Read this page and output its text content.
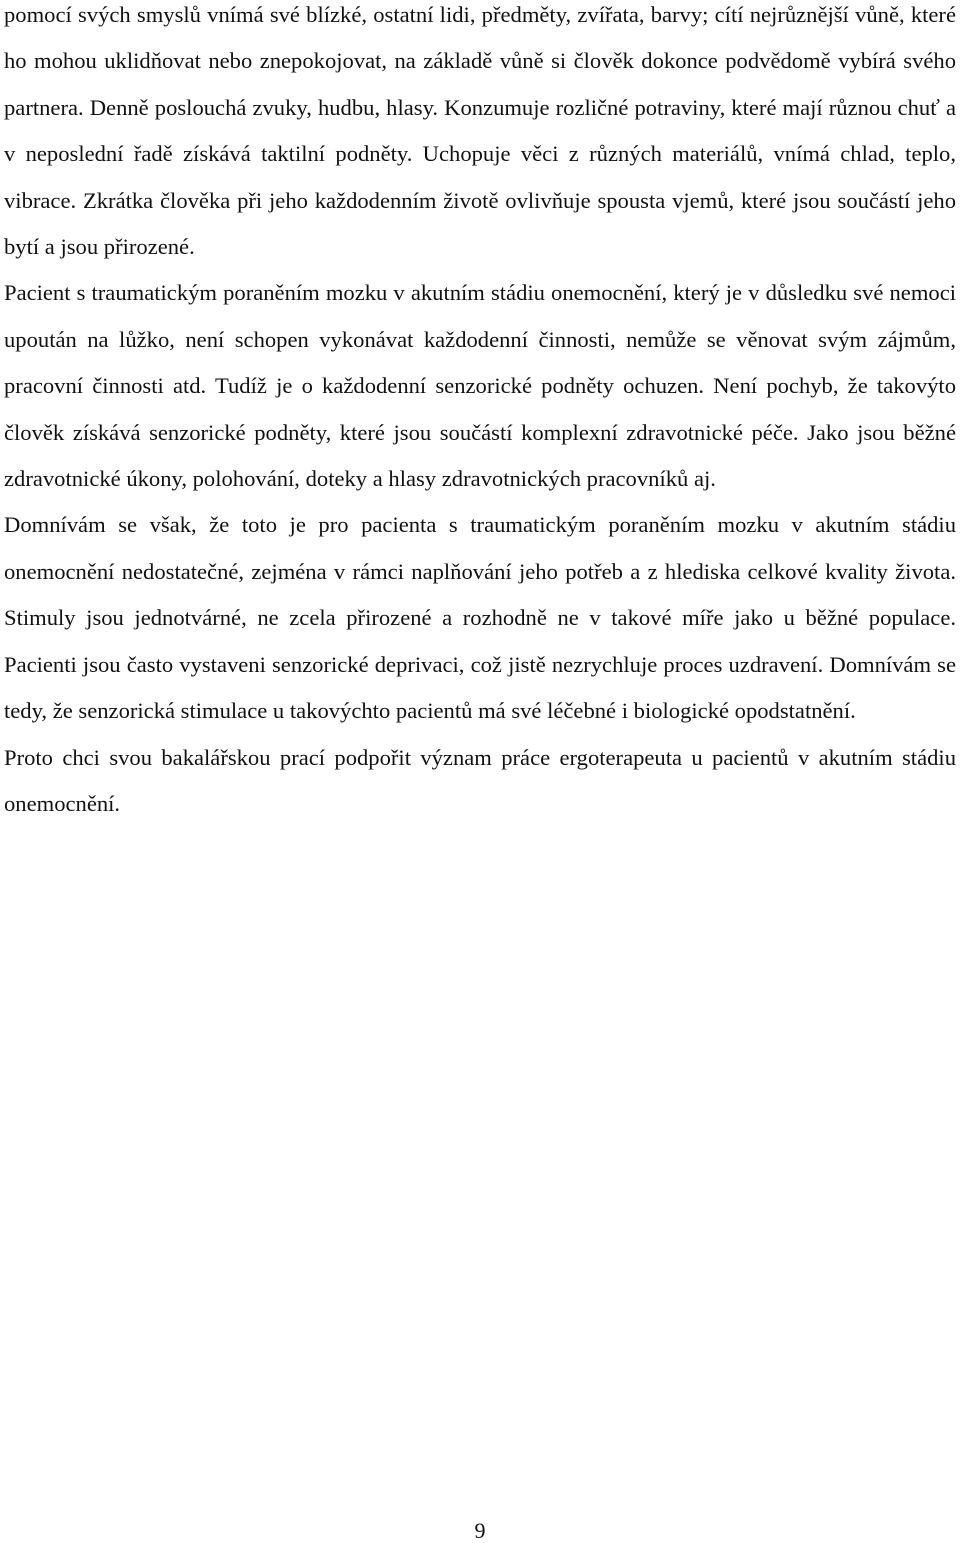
pomocí svých smyslů vnímá své blízké, ostatní lidi, předměty, zvířata, barvy; cítí nejrůznější vůně, které ho mohou uklidňovat nebo znepokojovat, na základě vůně si člověk dokonce podvědomě vybírá svého partnera. Denně poslouchá zvuky, hudbu, hlasy. Konzumuje rozličné potraviny, které mají různou chuť a v neposlední řadě získává taktilní podněty. Uchopuje věci z různých materiálů, vnímá chlad, teplo, vibrace. Zkrátka člověka při jeho každodenním životě ovlivňuje spousta vjemů, které jsou součástí jeho bytí a jsou přirozené.

Pacient s traumatickým poraněním mozku v akutním stádiu onemocnění, který je v důsledku své nemoci upoután na lůžko, není schopen vykonávat každodenní činnosti, nemůže se věnovat svým zájmům, pracovní činnosti atd. Tudíž je o každodenní senzorické podněty ochuzen. Není pochyb, že takovýto člověk získává senzorické podněty, které jsou součástí komplexní zdravotnické péče. Jako jsou běžné zdravotnické úkony, polohování, doteky a hlasy zdravotnických pracovníků aj.

Domnívám se však, že toto je pro pacienta s traumatickým poraněním mozku v akutním stádiu onemocnění nedostatečné, zejména v rámci naplňování jeho potřeb a z hlediska celkové kvality života. Stimuly jsou jednotvárné, ne zcela přirozené a rozhodně ne v takové míře jako u běžné populace. Pacienti jsou často vystaveni senzorické deprivaci, což jistě nezrychluje proces uzdravení. Domnívám se tedy, že senzorická stimulace u takovýchto pacientů má své léčebné i biologické opodstatnění.

Proto chci svou bakalářskou prací podpořit význam práce ergoterapeuta u pacientů v akutním stádiu onemocnění.

9
